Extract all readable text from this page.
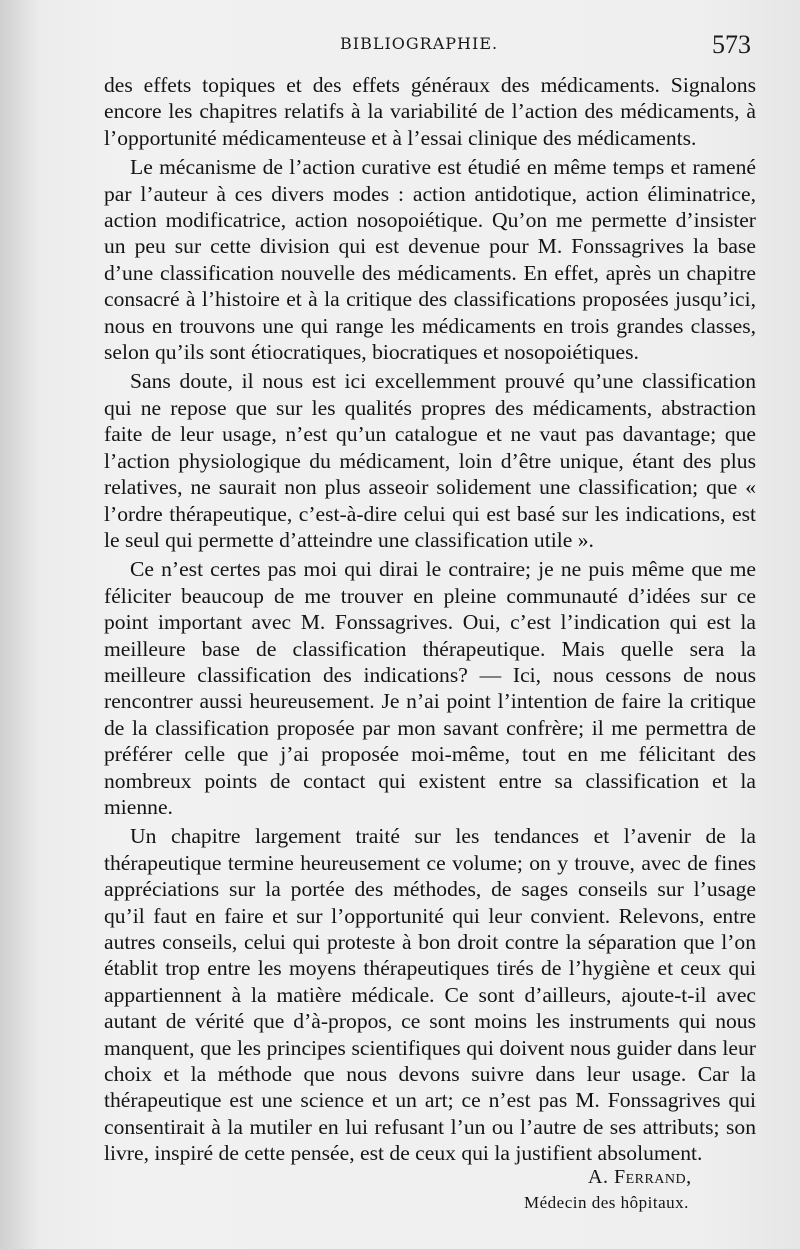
BIBLIOGRAPHIE.	573

des effets topiques et des effets généraux des médicaments. Signalons encore les chapitres relatifs à la variabilité de l’action des médicaments, à l’opportunité médicamenteuse et à l’essai clinique des médicaments.

Le mécanisme de l’action curative est étudié en même temps et ramené par l’auteur à ces divers modes : action antidotique, action éliminatrice, action modificatrice, action nosopoiétique. Qu’on me permette d’insister un peu sur cette division qui est devenue pour M. Fonssagrives la base d’une classification nouvelle des médicaments. En effet, après un chapitre consacré à l’histoire et à la critique des classifications proposées jusqu’ici, nous en trouvons une qui range les médicaments en trois grandes classes, selon qu’ils sont étiocratiques, biocratiques et nosopoiétiques.

Sans doute, il nous est ici excellemment prouvé qu’une classification qui ne repose que sur les qualités propres des médicaments, abstraction faite de leur usage, n’est qu’un catalogue et ne vaut pas davantage; que l’action physiologique du médicament, loin d’être unique, étant des plus relatives, ne saurait non plus asseoir solidement une classification; que « l’ordre thérapeutique, c’est-à-dire celui qui est basé sur les indications, est le seul qui permette d’atteindre une classification utile ».

Ce n’est certes pas moi qui dirai le contraire; je ne puis même que me féliciter beaucoup de me trouver en pleine communauté d’idées sur ce point important avec M. Fonssagrives. Oui, c’est l’indication qui est la meilleure base de classification thérapeutique. Mais quelle sera la meilleure classification des indications? — Ici, nous cessons de nous rencontrer aussi heureusement. Je n’ai point l’intention de faire la critique de la classification proposée par mon savant confrère; il me permettra de préférer celle que j’ai proposée moi-même, tout en me félicitant des nombreux points de contact qui existent entre sa classification et la mienne.

Un chapitre largement traité sur les tendances et l’avenir de la thérapeutique termine heureusement ce volume; on y trouve, avec de fines appréciations sur la portée des méthodes, de sages conseils sur l’usage qu’il faut en faire et sur l’opportunité qui leur convient. Relevons, entre autres conseils, celui qui proteste à bon droit contre la séparation que l’on établit trop entre les moyens thérapeutiques tirés de l’hygiène et ceux qui appartiennent à la matière médicale. Ce sont d’ailleurs, ajoute-t-il avec autant de vérité que d’à-propos, ce sont moins les instruments qui nous manquent, que les principes scientifiques qui doivent nous guider dans leur choix et la méthode que nous devons suivre dans leur usage. Car la thérapeutique est une science et un art; ce n’est pas M. Fonssagrives qui consentirait à la mutiler en lui refusant l’un ou l’autre de ses attributs; son livre, inspiré de cette pensée, est de ceux qui la justifient absolument.

A. Ferrand,
Médecin des hôpitaux.
